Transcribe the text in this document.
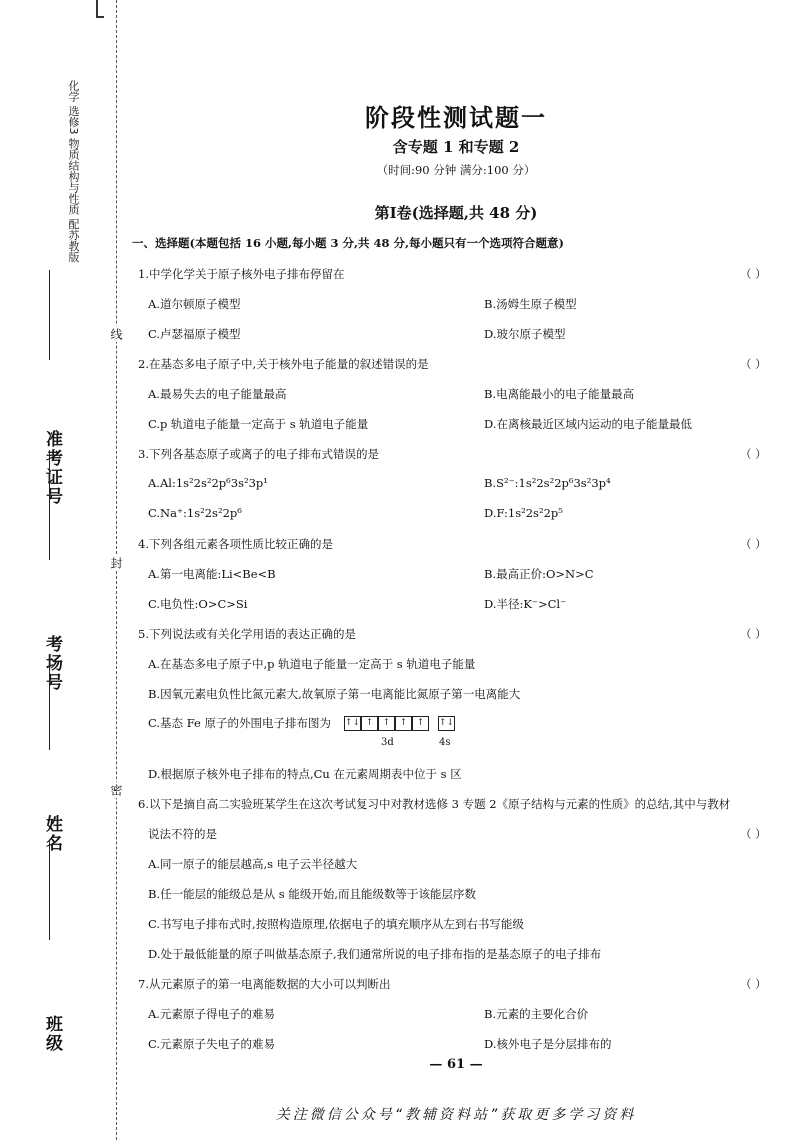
化学 选修3 物质结构与性质 配苏教版
准考证号
考场号
姓名
班级
线
封
密
阶段性测试题一
含专题 1 和专题 2
（时间:90 分钟 满分:100 分）
第Ⅰ卷(选择题,共 48 分)
一、选择题(本题包括 16 小题,每小题 3 分,共 48 分,每小题只有一个选项符合题意)
1.中学化学关于原子核外电子排布停留在	（ ）
A.道尔顿原子模型	B.汤姆生原子模型
C.卢瑟福原子模型	D.玻尔原子模型
2.在基态多电子原子中,关于核外电子能量的叙述错误的是	（ ）
A.最易失去的电子能量最高	B.电离能最小的电子能量最高
C.p 轨道电子能量一定高于 s 轨道电子能量	D.在离核最近区域内运动的电子能量最低
3.下列各基态原子或离子的电子排布式错误的是	（ ）
A.Al:1s²2s²2p⁶3s²3p¹	B.S²⁻:1s²2s²2p⁶3s²3p⁴
C.Na⁺:1s²2s²2p⁶	D.F:1s²2s²2p⁵
4.下列各组元素各项性质比较正确的是	（ ）
A.第一电离能:Li<Be<B	B.最高正价:O>N>C
C.电负性:O>C>Si	D.半径:K⁻>Cl⁻
5.下列说法或有关化学用语的表达正确的是	（ ）
A.在基态多电子原子中,p 轨道电子能量一定高于 s 轨道电子能量
B.因氧元素电负性比氮元素大,故氧原子第一电离能比氮原子第一电离能大
C.基态 Fe 原子的外围电子排布图为 ↑↓ ↑	↑	↑	↑	↑↓
3d	4s
D.根据原子核外电子排布的特点,Cu 在元素周期表中位于 s 区
6.以下是摘自高二实验班某学生在这次考试复习中对教材选修 3 专题 2《原子结构与元素的性质》的总结,其中与教材
说法不符的是	（ ）
A.同一原子的能层越高,s 电子云半径越大
B.任一能层的能级总是从 s 能级开始,而且能级数等于该能层序数
C.书写电子排布式时,按照构造原理,依据电子的填充顺序从左到右书写能级
D.处于最低能量的原子叫做基态原子,我们通常所说的电子排布指的是基态原子的电子排布
7.从元素原子的第一电离能数据的大小可以判断出	（ ）
A.元素原子得电子的难易	B.元素的主要化合价
C.元素原子失电子的难易	D.核外电子是分层排布的
— 61 —
关注微信公众号“教辅资料站”获取更多学习资料
